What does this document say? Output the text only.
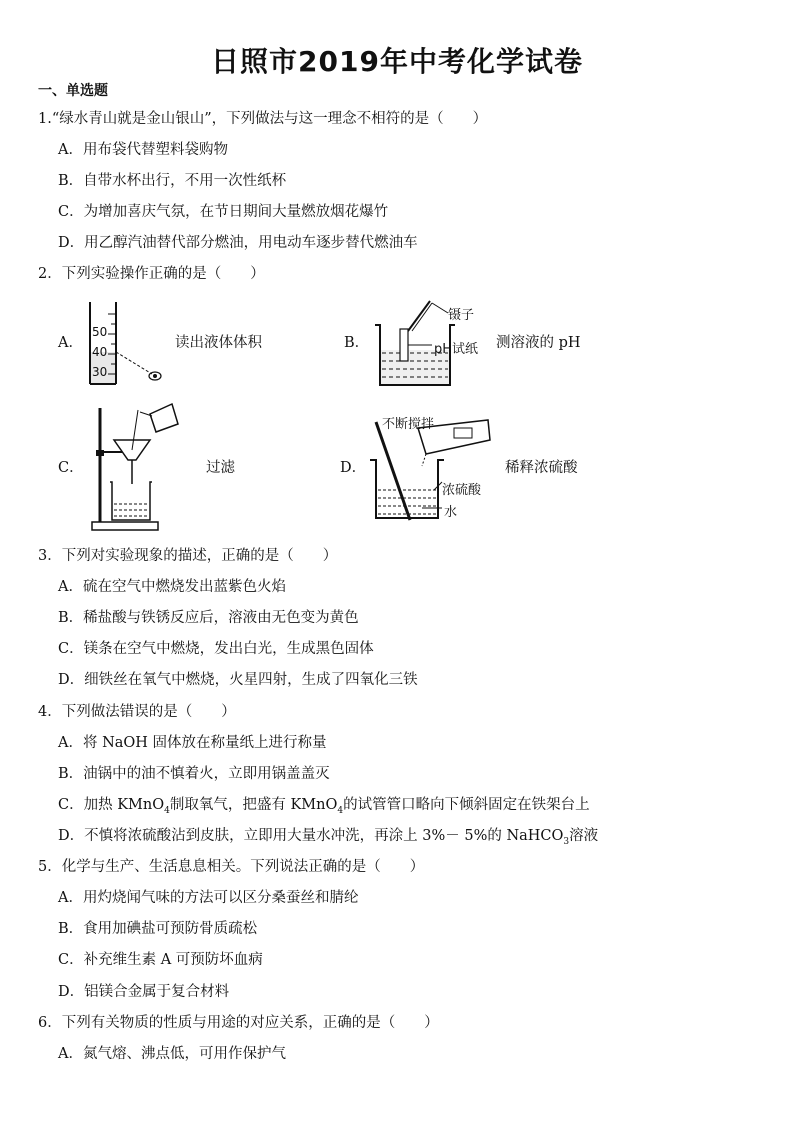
日照市2019年中考化学试卷
一、单选题
1.“绿水青山就是金山银山”，下列做法与这一理念不相符的是（　　）
A．用布袋代替塑料袋购物
B．自带水杯出行，不用一次性纸杯
C．为增加喜庆气氛，在节日期间大量燃放烟花爆竹
D．用乙醇汽油替代部分燃油，用电动车逐步替代燃油车
2．下列实验操作正确的是（　　）
A．
50
40
30
读出液体体积	B．
镊子
pH试纸 测溶液的 pH
C．	过滤	D．
不断搅拌
浓硫酸
水
稀释浓硫酸
3．下列对实验现象的描述，正确的是（　　）
A．硫在空气中燃烧发出蓝紫色火焰
B．稀盐酸与铁锈反应后，溶液由无色变为黄色
C．镁条在空气中燃烧，发出白光，生成黑色固体
D．细铁丝在氧气中燃烧，火星四射，生成了四氧化三铁
4．下列做法错误的是（　　）
A．将 NaOH 固体放在称量纸上进行称量
B．油锅中的油不慎着火，立即用锅盖盖灭
C．加热 KMnO$_4$制取氧气，把盛有 KMnO$_4$的试管管口略向下倾斜固定在铁架台上
D．不慎将浓硫酸沾到皮肤，立即用大量水冲洗，再涂上 3%－ 5%的 NaHCO$_3$溶液
5．化学与生产、生活息息相关。下列说法正确的是（　　）
A．用灼烧闻气味的方法可以区分桑蚕丝和腈纶
B．食用加碘盐可预防骨质疏松
C．补充维生素 A 可预防坏血病
D．铝镁合金属于复合材料
6．下列有关物质的性质与用途的对应关系，正确的是（　　）
A．氮气熔、沸点低，可用作保护气
